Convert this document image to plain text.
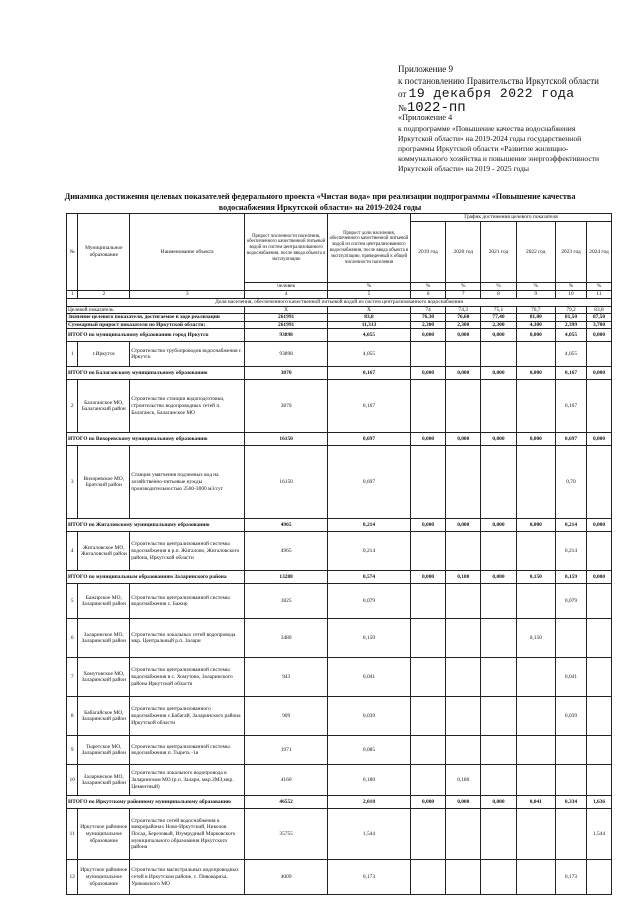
Приложение 9
к постановлению Правительства Иркутской области
от 19 декабря 2022 года
№ 1022-пп
«Приложение 4
к подпрограмме «Повышение качества водоснабжения Иркутской области» на 2019-2024 годы государственной программы Иркутской области «Развитие жилищно-коммунального хозяйства и повышение энергоэффективности Иркутской области» на 2019 - 2025 годы
Динамика достижения целевых показателей федерального проекта «Чистая вода» при реализации подпрограммы «Повышение качества водоснабжения Иркутской области» на 2019-2024 годы
№	Муниципальное образование	Наименование объекта	Прирост численности населения, обеспеченного качественной питьевой водой из систем централизованного водоснабжения, после ввода объекта в эксплуатацию	Прирост доли населения, обеспеченного качественной питьевой водой из систем централизованного водоснабжения, после ввода объекта в эксплуатацию, приведенный к общей численности населения	График достижения целевого показателя					
					2019 год	2020 год	2021 год	2022 год	2023 год	2024 год
			человек	%	%	%	%	%	%	%
1	2	3	4	5	6	7	8	9	10	11
Доля населения, обеспеченного качественной питьевой водой из систем централизованного водоснабжения										
Целевой показатель			Х	Х	74	74,3	75,1	76,7	79,2	83,8
Значение целевого показателя, достигаемое в ходе реализации			261991	83,8	76,30	76,60	77,40	81,00	81,50	87,50
Суммарный прирост показателя по Иркутской области:			261991	11,313	2,300	2,300	2,300	4,300	2,399	3,700
ИТОГО по муниципальному образованию город Иркутск			93898	4,055	0,000	0,000	0,000	0,000	4,055	0,000
1	г.Иркутск	Строительство трубопроводов водоснабжения г. Иркутск	93898	4,055					4,055	
ИТОГО по Балаганскому муниципальному образованию			3870	0,167	0,000	0,000	0,000	0,000	0,167	0,000
2	Балаганское МО, Балаганский район	Строительство станции водоподготовки, строительство водопроводных сетей п. Балаганск, Балаганское МО	3870	0,167					0,167	
ИТОГО по Вихоревскому муниципальному образованию			16150	0,697	0,000	0,000	0,000	0,000	0,697	0,000
3	Вихоревское МО, Братский район	Станция умягчения подземных вод на хозяйственно-питьевые нужды производительностью 2500-3000 м3/сут	16150	0,697					0,70	
ИТОГО по Жигаловскому муниципальному образованию			4965	0,214	0,000	0,000	0,000	0,000	0,214	0,000
4	Жигаловское МО, Жигаловский район	Строительство централизованной системы водоснабжения в р.п. Жигалово, Жигаловского района, Иркутской области	4965	0,214					0,214	
ИТОГО по муниципальным образованиям Заларинского района			13288	0,574	0,000	0,180	0,000	0,150	0,159	0,000
5	Бажирское МО, Заларинский район	Строительство централизованной системы водоснабжения с. Бажир	1825	0,079					0,079	
6	Заларинское МО, Заларинский район	Строительство локальных сетей водопровода мкр. Центральный р.п. Залари	3480	0,150				0,150		
7	Хомутовское МО, Заларинский район	Строительство централизованной системы водоснабжения в с. Хомутово, Заларинского района Иркутской области	943	0,041					0,041	
8	Бабагайское МО, Заларинский район	Строительство централизованного водоснабжения с.Бабагай, Заларинского района Иркутской области	909	0,039					0,039	
9	Тыретское МО, Заларинский район	Строительство централизованной системы водоснабжения п. Тыреть -1я	1971	0,085						
10	Заларинское МО, Заларинский район	Строительство локального водопровода в Заларинском МО (р.п. Залари, мкр.ЗМЗ,мкр. Цементный)	4160	0,180		0,180				
ИТОГО по Иркутскому районному муниципальному образованию			46552	2,010	0,000	0,000	0,000	0,041	0,334	1,636
11	Иркутское районное муниципальное образование	Строительство сетей водоснабжения в микрорайонах Ново-Иркутский, Николов Посад, Березовый, Изумрудный Марковского муниципального образования Иркутского района	35755	1,544						1,544
12	Иркутское районное муниципальное образование	Строительство магистральных водопроводных сетей в Иркутском районе, с. Пивовариха, Уриковского МО	4009	0,173					0,173	
